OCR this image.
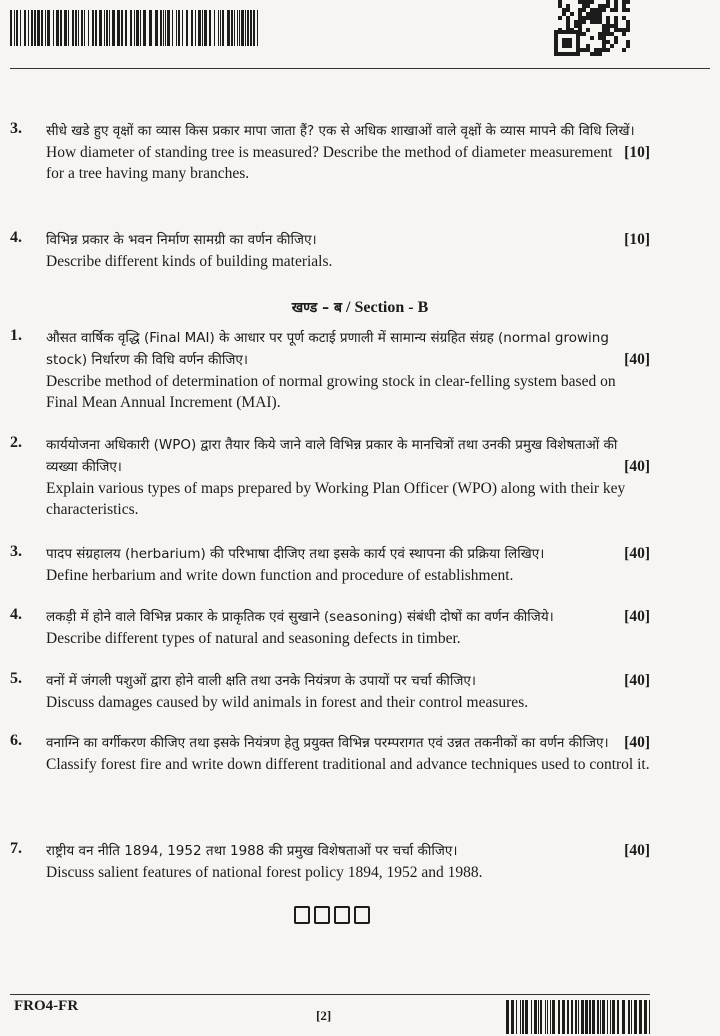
3.	सीधे खडे हुए वृक्षों का व्यास किस प्रकार मापा जाता हैं? एक से अधिक शाखाओं वाले वृक्षों के व्यास मापने की विधि लिखें।
[10]
How diameter of standing tree is measured? Describe the method of diameter measurement for a tree having many branches.
4.	विभिन्न प्रकार के भवन निर्माण सामग्री का वर्णन कीजिए।	[10]
Describe different kinds of building materials.
खण्ड – ब / Section - B
1.	औसत वार्षिक वृद्धि (Final MAI) के आधार पर पूर्ण कटाई प्रणाली में सामान्य संग्रहित संग्रह (normal growing stock) निर्धारण की विधि वर्णन कीजिए।	[40]
Describe method of determination of normal growing stock in clear-felling system based on Final Mean Annual Increment (MAI).
2.	कार्ययोजना अधिकारी (WPO) द्वारा तैयार किये जाने वाले विभिन्न प्रकार के मानचित्रों तथा उनकी प्रमुख विशेषताओं की व्यख्या कीजिए।	[40]
Explain various types of maps prepared by Working Plan Officer (WPO) along with their key characteristics.
3.	पादप संग्रहालय (herbarium) की परिभाषा दीजिए तथा इसके कार्य एवं स्थापना की प्रक्रिया लिखिए।	[40]
Define herbarium and write down function and procedure of establishment.
4.	लकड़ी में होने वाले विभिन्न प्रकार के प्राकृतिक एवं सुखाने (seasoning) संबंधी दोषों का वर्णन कीजिये।	[40]
Describe different types of natural and seasoning defects in timber.
5.	वनों में जंगली पशुओं द्वारा होने वाली क्षति तथा उनके नियंत्रण के उपायों पर चर्चा कीजिए।	[40]
Discuss damages caused by wild animals in forest and their control measures.
6.	वनाग्नि का वर्गीकरण कीजिए तथा इसके नियंत्रण हेतु प्रयुक्त विभिन्न परम्परागत एवं उन्नत तकनीकों का वर्णन कीजिए। [40]
Classify forest fire and write down different traditional and advance techniques used to control it.
7.	राष्ट्रीय वन नीति 1894, 1952 तथा 1988 की प्रमुख विशेषताओं पर चर्चा कीजिए।	[40]
Discuss salient features of national forest policy 1894, 1952 and 1988.
FRO4-FR
[2]
